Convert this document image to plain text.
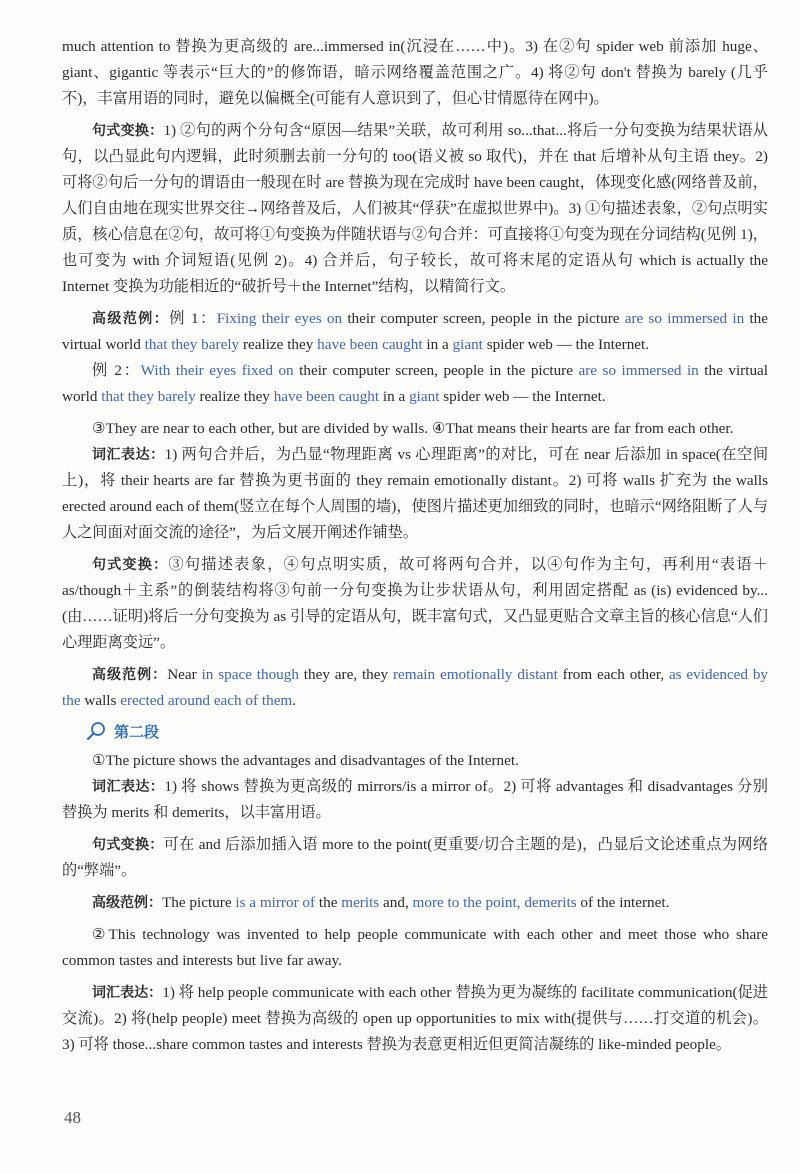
much attention to 替换为更高级的 are...immersed in(沉浸在……中)。3) 在②句 spider web 前添加 huge、giant、gigantic 等表示“巨大的”的修饰语，暗示网络覆盖范围之广。4) 将②句 don't 替换为 barely (几乎不)，丰富用语的同时，避免以偏概全(可能有人意识到了，但心甘情愿待在网中)。

句式变换：1) ②句的两个分句含“原因—结果”关联，故可利用 so...that...将后一分句变换为结果状语从句，以凸显此句内逻辑，此时须删去前一分句的 too(语义被 so 取代)，并在 that 后增补从句主语 they。2) 可将②句后一分句的谓语由一般现在时 are 替换为现在完成时 have been caught，体现变化感(网络普及前，人们自由地在现实世界交往→网络普及后，人们被其“俘获”在虚拟世界中)。3) ①句描述表象，②句点明实质，核心信息在②句，故可将①句变换为伴随状语与②句合并：可直接将①句变为现在分词结构(见例 1)，也可变为 with 介词短语(见例 2)。4) 合并后，句子较长，故可将末尾的定语从句 which is actually the Internet 变换为功能相近的“破折号＋the Internet”结构，以精简行文。

高级范例：例 1：Fixing their eyes on their computer screen, people in the picture are so immersed in the virtual world that they barely realize they have been caught in a giant spider web — the Internet.

例 2：With their eyes fixed on their computer screen, people in the picture are so immersed in the virtual world that they barely realize they have been caught in a giant spider web — the Internet.

③They are near to each other, but are divided by walls. ④That means their hearts are far from each other.

词汇表达：1) 两句合并后，为凸显“物理距离 vs 心理距离”的对比，可在 near 后添加 in space(在空间上)，将 their hearts are far 替换为更书面的 they remain emotionally distant。2) 可将 walls 扩充为 the walls erected around each of them(竖立在每个人周围的墙)，使图片描述更加细致的同时，也暗示“网络阻断了人与人之间面对面交流的途径”，为后文展开阐述作铺垫。

句式变换：③句描述表象，④句点明实质，故可将两句合并，以④句作为主句，再利用“表语＋as/though＋主系”的倒装结构将③句前一分句变换为让步状语从句，利用固定搭配 as (is) evidenced by...(由……证明)将后一分句变换为 as 引导的定语从句，既丰富句式，又凸显更贴合文章主旨的核心信息“人们心理距离变远”。

高级范例：Near in space though they are, they remain emotionally distant from each other, as evidenced by the walls erected around each of them.

第二段

①The picture shows the advantages and disadvantages of the Internet.

词汇表达：1) 将 shows 替换为更高级的 mirrors/is a mirror of。2) 可将 advantages 和 disadvantages 分别替换为 merits 和 demerits，以丰富用语。

句式变换：可在 and 后添加插入语 more to the point(更重要/切合主题的是)，凸显后文论述重点为网络的“弊端”。

高级范例：The picture is a mirror of the merits and, more to the point, demerits of the internet.

②This technology was invented to help people communicate with each other and meet those who share common tastes and interests but live far away.

词汇表达：1) 将 help people communicate with each other 替换为更为凝练的 facilitate communication(促进交流)。2) 将(help people) meet 替换为高级的 open up opportunities to mix with(提供与……打交道的机会)。3) 可将 those...share common tastes and interests 替换为表意更相近但更简洁凝练的 like-minded people。

48
